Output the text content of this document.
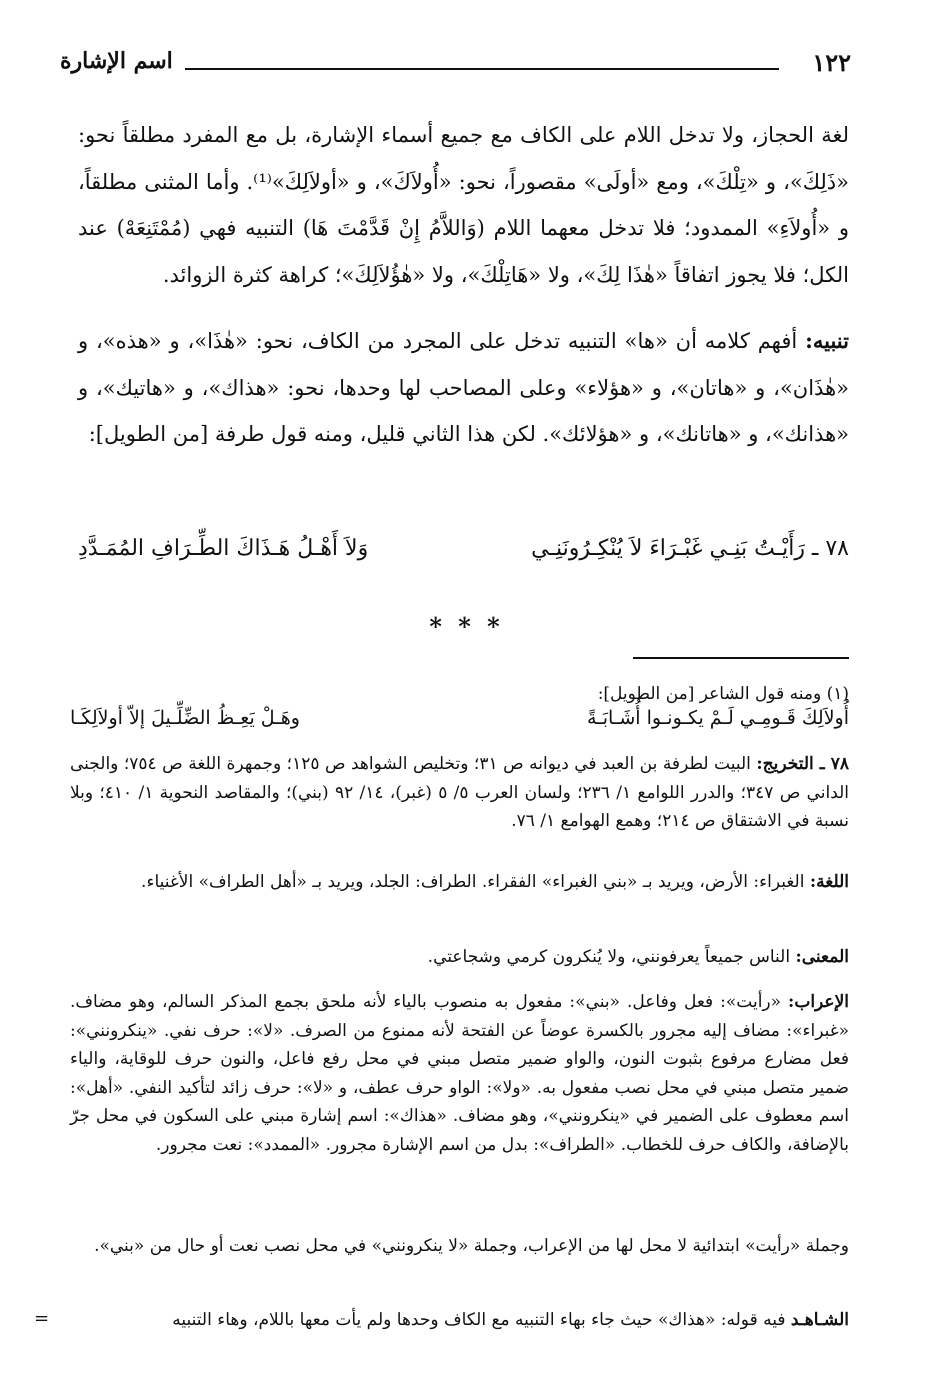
١٢٢
اسم الإشارة

لغة الحجاز، ولا تدخل اللام على الكاف مع جميع أسماء الإشارة، بل مع المفرد مطلقاً نحو: «ذَلِكَ»، و «تِلْكَ»، ومع «أولَى» مقصوراً، نحو: «أُولاَكَ»، و «أولاَلِكَ»⁽¹⁾. وأما المثنى مطلقاً، و «أُولاَءِ» الممدود؛ فلا تدخل معهما اللام (وَاللاَّمُ إِنْ قَدَّمْتَ هَا) التنبيه فهي (مُمْتَنِعَهْ) عند الكل؛ فلا يجوز اتفاقاً «هٰذَا لِكَ»، ولا «هَاتِلْكَ»، ولا «هٰؤُلاَلِكَ»؛ كراهة كثرة الزوائد.

تنبيه: أفهم كلامه أن «ها» التنبيه تدخل على المجرد من الكاف، نحو: «هٰذَا»، و «هذه»، و «هٰذَان»، و «هاتان»، و «هؤلاء» وعلى المصاحب لها وحدها، نحو: «هذاك»، و «هاتيك»، و «هذانك»، و «هاتانك»، و «هؤلائك». لكن هذا الثاني قليل، ومنه قول طرفة [من الطويل]:

٧٨ ـ
رَأَيْـتُ بَنِـي غَبْـرَاءَ لاَ يُنْكِـرُونَنِـي
وَلاَ أَهْـلُ هَـذَاكَ الطِّـرَافِ المُمَـدَّدِ
* * *

(١) ومنه قول الشاعر [من الطويل]:

أُولاَلِكَ قَـومِـي لَـمْ يكـونـوا أُشَـابَـةً
وهَـلْ يَعِـظُ الضِّلِّـيلَ إلاّ أولاَلِكَـا

٧٨ ـ التخريج: البيت لطرفة بن العبد في ديوانه ص ٣١؛ وتخليص الشواهد ص ١٢٥؛ وجمهرة اللغة ص ٧٥٤؛ والجنى الداني ص ٣٤٧؛ والدرر اللوامع ١/ ٢٣٦؛ ولسان العرب ٥/ ٥ (غبر)، ١٤/ ٩٢ (بني)؛ والمقاصد النحوية ١/ ٤١٠؛ وبلا نسبة في الاشتقاق ص ٢١٤؛ وهمع الهوامع ١/ ٧٦.

اللغة: الغبراء: الأرض، ويريد بـ «بني الغبراء» الفقراء. الطراف: الجلد، ويريد بـ «أهل الطراف» الأغنياء.

المعنى: الناس جميعاً يعرفونني، ولا يُنكرون كرمي وشجاعتي.

الإعراب: «رأيت»: فعل وفاعل. «بني»: مفعول به منصوب بالياء لأنه ملحق بجمع المذكر السالم، وهو مضاف. «غبراء»: مضاف إليه مجرور بالكسرة عوضاً عن الفتحة لأنه ممنوع من الصرف. «لا»: حرف نفي. «ينكرونني»: فعل مضارع مرفوع بثبوت النون، والواو ضمير متصل مبني في محل رفع فاعل، والنون حرف للوقاية، والياء ضمير متصل مبني في محل نصب مفعول به. «ولا»: الواو حرف عطف، و «لا»: حرف زائد لتأكيد النفي. «أهل»: اسم معطوف على الضمير في «ينكرونني»، وهو مضاف. «هذاك»: اسم إشارة مبني على السكون في محل جرّ بالإضافة، والكاف حرف للخطاب. «الطراف»: بدل من اسم الإشارة مجرور. «الممدد»: نعت مجرور.

وجملة «رأيت» ابتدائية لا محل لها من الإعراب، وجملة «لا ينكرونني» في محل نصب نعت أو حال من «بني».

الشـاهـد فيه قوله: «هذاك» حيث جاء بهاء التنبيه مع الكاف وحدها ولم يأت معها باللام، وهاء التنبيه

=
